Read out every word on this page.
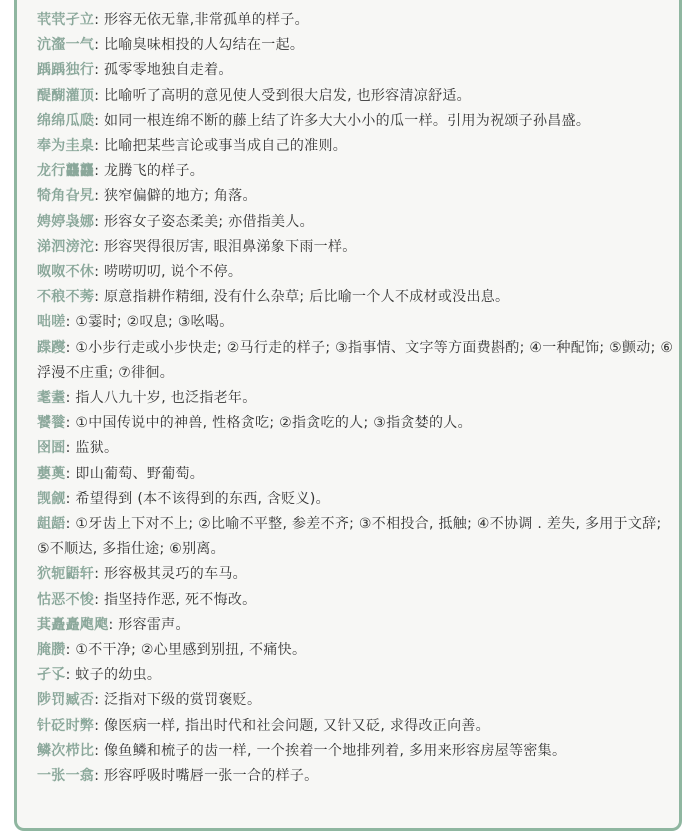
茕茕孑立: 形容无依无靠,非常孤单的样子。

沆瀣一气: 比喻臭味相投的人勾结在一起。

踽踽独行: 孤零零地独自走着。

醍醐灌顶: 比喻听了高明的意见使人受到很大启发, 也形容清凉舒适。

绵绵瓜瓞: 如同一根连绵不断的藤上结了许多大大小小的瓜一样。引用为祝颂子孙昌盛。

奉为圭臬: 比喻把某些言论或事当成自己的准则。

龙行龘龘: 龙腾飞的样子。

犄角旮旯: 狭窄偏僻的地方; 角落。

娉婷袅娜: 形容女子姿态柔美; 亦借指美人。

涕泗滂沱: 形容哭得很厉害, 眼泪鼻涕象下雨一样。

呶呶不休: 唠唠叨叨, 说个不停。

不稂不莠: 原意指耕作精细, 没有什么杂草; 后比喻一个人不成材或没出息。

咄嗟: ①霎时; ②叹息; ③吆喝。

蹀躞: ①小步行走或小步快走; ②马行走的样子; ③指事情、文字等方面费斟酌; ④一种配饰; ⑤颤动; ⑥浮漫不庄重; ⑦徘徊。

耄耋: 指人八九十岁, 也泛指老年。

饕餮: ①中国传说中的神兽, 性格贪吃; ②指贪吃的人; ③指贪婪的人。

囹圄: 监狱。

蘡薁: 即山葡萄、野葡萄。

觊觎: 希望得到 (本不该得到的东西, 含贬义)。

龃龉: ①牙齿上下对不上; ②比喻不平整, 参差不齐; ③不相投合, 抵触; ④不协调 . 差失, 多用于文辞; ⑤不顺达, 多指仕途; ⑥别离。

狖轭鼯轩: 形容极其灵巧的车马。

怙恶不悛: 指坚持作恶, 死不悔改。

萁矗矗飑飑: 形容雷声。

腌臜: ①不干净; ②心里感到别扭, 不痛快。

孑孓: 蚊子的幼虫。

陟罚臧否: 泛指对下级的赏罚褒贬。

针砭时弊: 像医病一样, 指出时代和社会问题, 又针又砭, 求得改正向善。

鳞次栉比: 像鱼鳞和梳子的齿一样, 一个挨着一个地排列着, 多用来形容房屋等密集。

一张一翕: 形容呼吸时嘴唇一张一合的样子。
